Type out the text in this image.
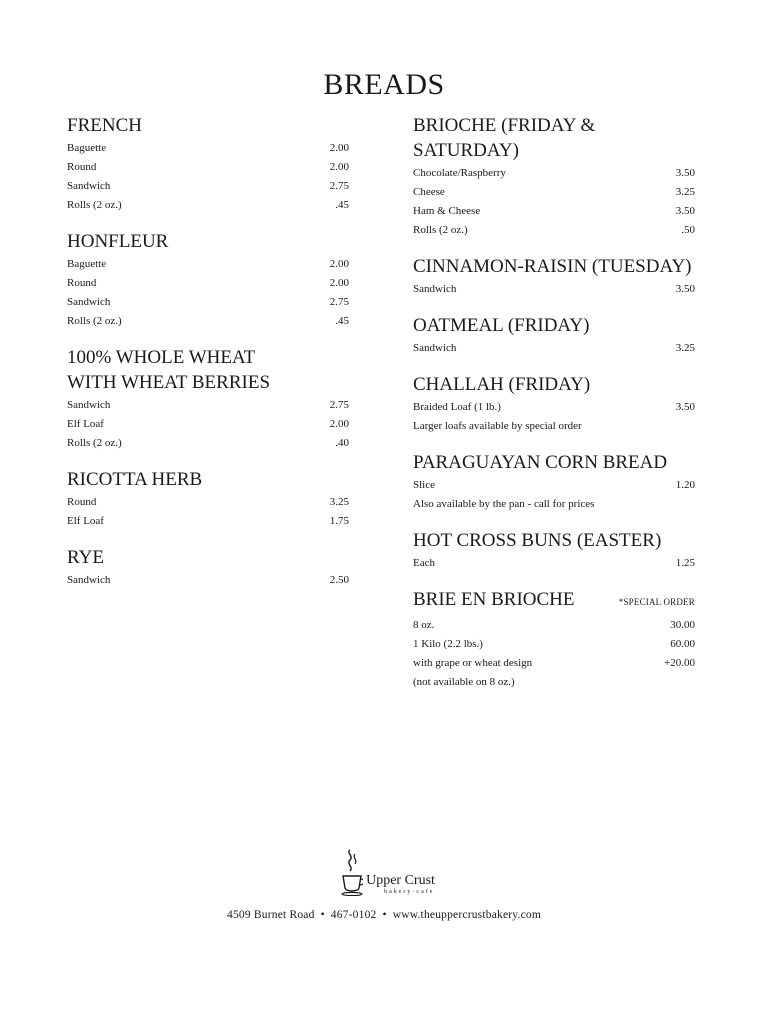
BREADS
FRENCH
Baguette	2.00
Round	2.00
Sandwich	2.75
Rolls (2 oz.)	.45
HONFLEUR
Baguette	2.00
Round	2.00
Sandwich	2.75
Rolls (2 oz.)	.45
100% WHOLE WHEAT WITH WHEAT BERRIES
Sandwich	2.75
Elf Loaf	2.00
Rolls (2 oz.)	.40
RICOTTA HERB
Round	3.25
Elf Loaf	1.75
RYE
Sandwich	2.50
BRIOCHE (FRIDAY & SATURDAY)
Chocolate/Raspberry	3.50
Cheese	3.25
Ham & Cheese	3.50
Rolls (2 oz.)	.50
CINNAMON-RAISIN (TUESDAY)
Sandwich	3.50
OATMEAL (FRIDAY)
Sandwich	3.25
CHALLAH (FRIDAY)
Braided Loaf (1 lb.)	3.50
Larger loafs available by special order
PARAGUAYAN CORN BREAD
Slice	1.20
Also available by the pan - call for prices
HOT CROSS BUNS (EASTER)
Each	1.25
BRIE EN BRIOCHE	*SPECIAL ORDER
8 oz.	30.00
1 Kilo (2.2 lbs.)	60.00
with grape or wheat design	+20.00
(not available on 8 oz.)
Upper Crust
bakery·cafe
4509 Burnet Road • 467-0102 • www.theuppercrustbakery.com
